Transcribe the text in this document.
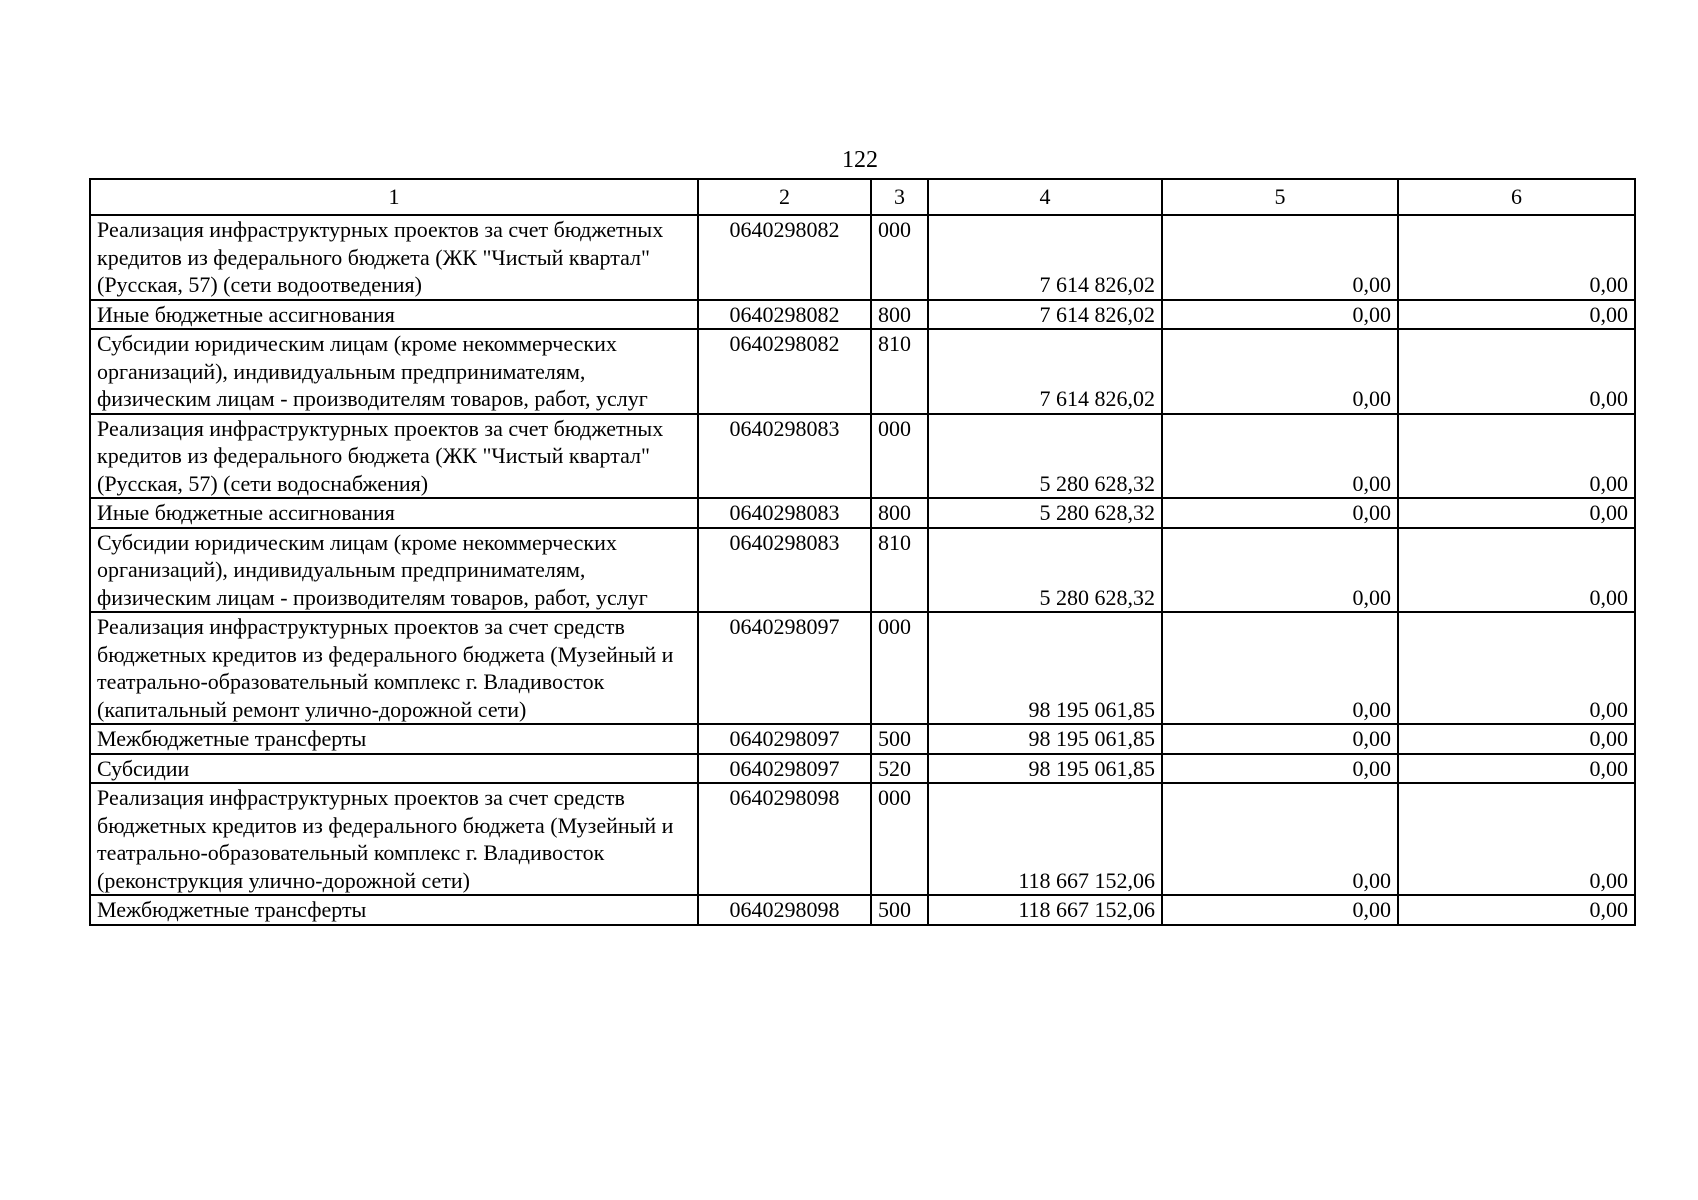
122
1	2	3	4	5	6
Реализация инфраструктурных проектов за счет бюджетных кредитов из федерального бюджета (ЖК "Чистый квартал" (Русская, 57) (сети водоотведения)	0640298082	000	7 614 826,02	0,00	0,00
Иные бюджетные ассигнования	0640298082	800	7 614 826,02	0,00	0,00
Субсидии юридическим лицам (кроме некоммерческих организаций), индивидуальным предпринимателям, физическим лицам - производителям товаров, работ, услуг	0640298082	810	7 614 826,02	0,00	0,00
Реализация инфраструктурных проектов за счет бюджетных кредитов из федерального бюджета (ЖК "Чистый квартал" (Русская, 57) (сети водоснабжения)	0640298083	000	5 280 628,32	0,00	0,00
Иные бюджетные ассигнования	0640298083	800	5 280 628,32	0,00	0,00
Субсидии юридическим лицам (кроме некоммерческих организаций), индивидуальным предпринимателям, физическим лицам - производителям товаров, работ, услуг	0640298083	810	5 280 628,32	0,00	0,00
Реализация инфраструктурных проектов за счет средств бюджетных кредитов из федерального бюджета (Музейный и театрально-образовательный комплекс г. Владивосток (капитальный ремонт улично-дорожной сети)	0640298097	000	98 195 061,85	0,00	0,00
Межбюджетные трансферты	0640298097	500	98 195 061,85	0,00	0,00
Субсидии	0640298097	520	98 195 061,85	0,00	0,00
Реализация инфраструктурных проектов за счет средств бюджетных кредитов из федерального бюджета (Музейный и театрально-образовательный комплекс г. Владивосток (реконструкция улично-дорожной сети)	0640298098	000	118 667 152,06	0,00	0,00
Межбюджетные трансферты	0640298098	500	118 667 152,06	0,00	0,00
